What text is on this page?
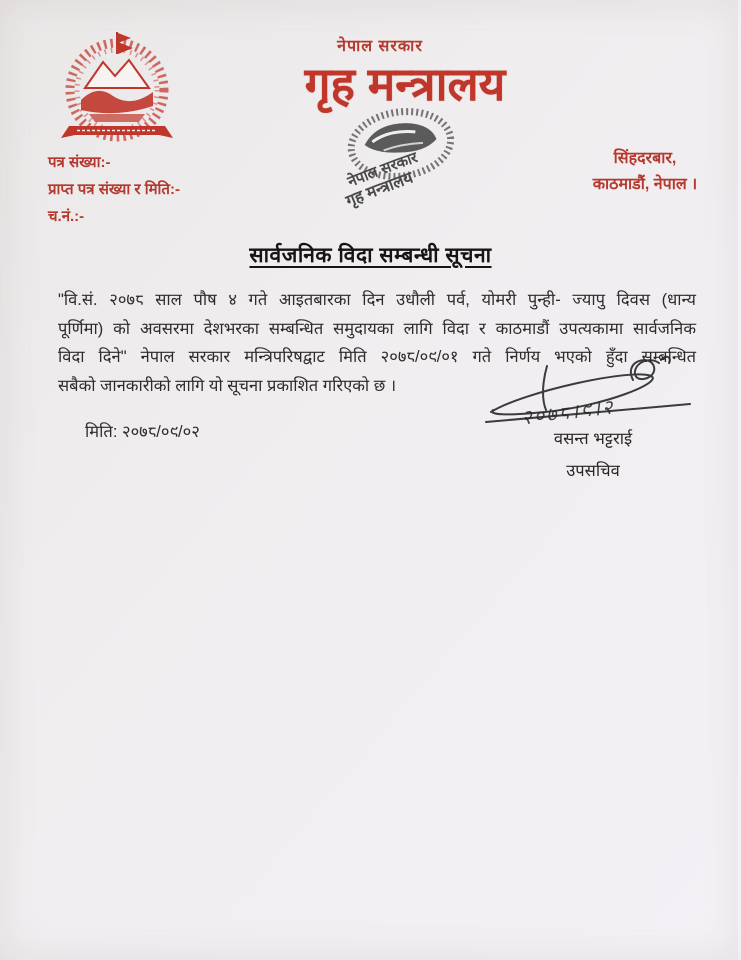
नेपाल सरकार
गृह मन्त्रालय
नेपाल सरकार
गृह मन्त्रालय
पत्र संख्या:-
प्राप्त पत्र संख्या र मिति:-
च.नं.:-
सिंहदरबार,
काठमाडौं, नेपाल ।
सार्वजनिक विदा सम्बन्धी सूचना
"वि.सं. २०७८ साल पौष ४ गते आइतबारका दिन उधौली पर्व, योमरी पुन्ही- ज्यापु दिवस (धान्य
पूर्णिमा) को अवसरमा देशभरका सम्बन्धित समुदायका लागि विदा र काठमाडौं उपत्यकामा सार्वजनिक
विदा दिने" नेपाल सरकार मन्त्रिपरिषद्वाट मिति २०७८/०९/०१ गते निर्णय भएको हुँदा सम्बन्धित
सबैको जानकारीको लागि यो सूचना प्रकाशित गरिएको छ ।
मिति: २०७८/०९/०२
२०७८।९।२
वसन्त भट्टराई
उपसचिव
